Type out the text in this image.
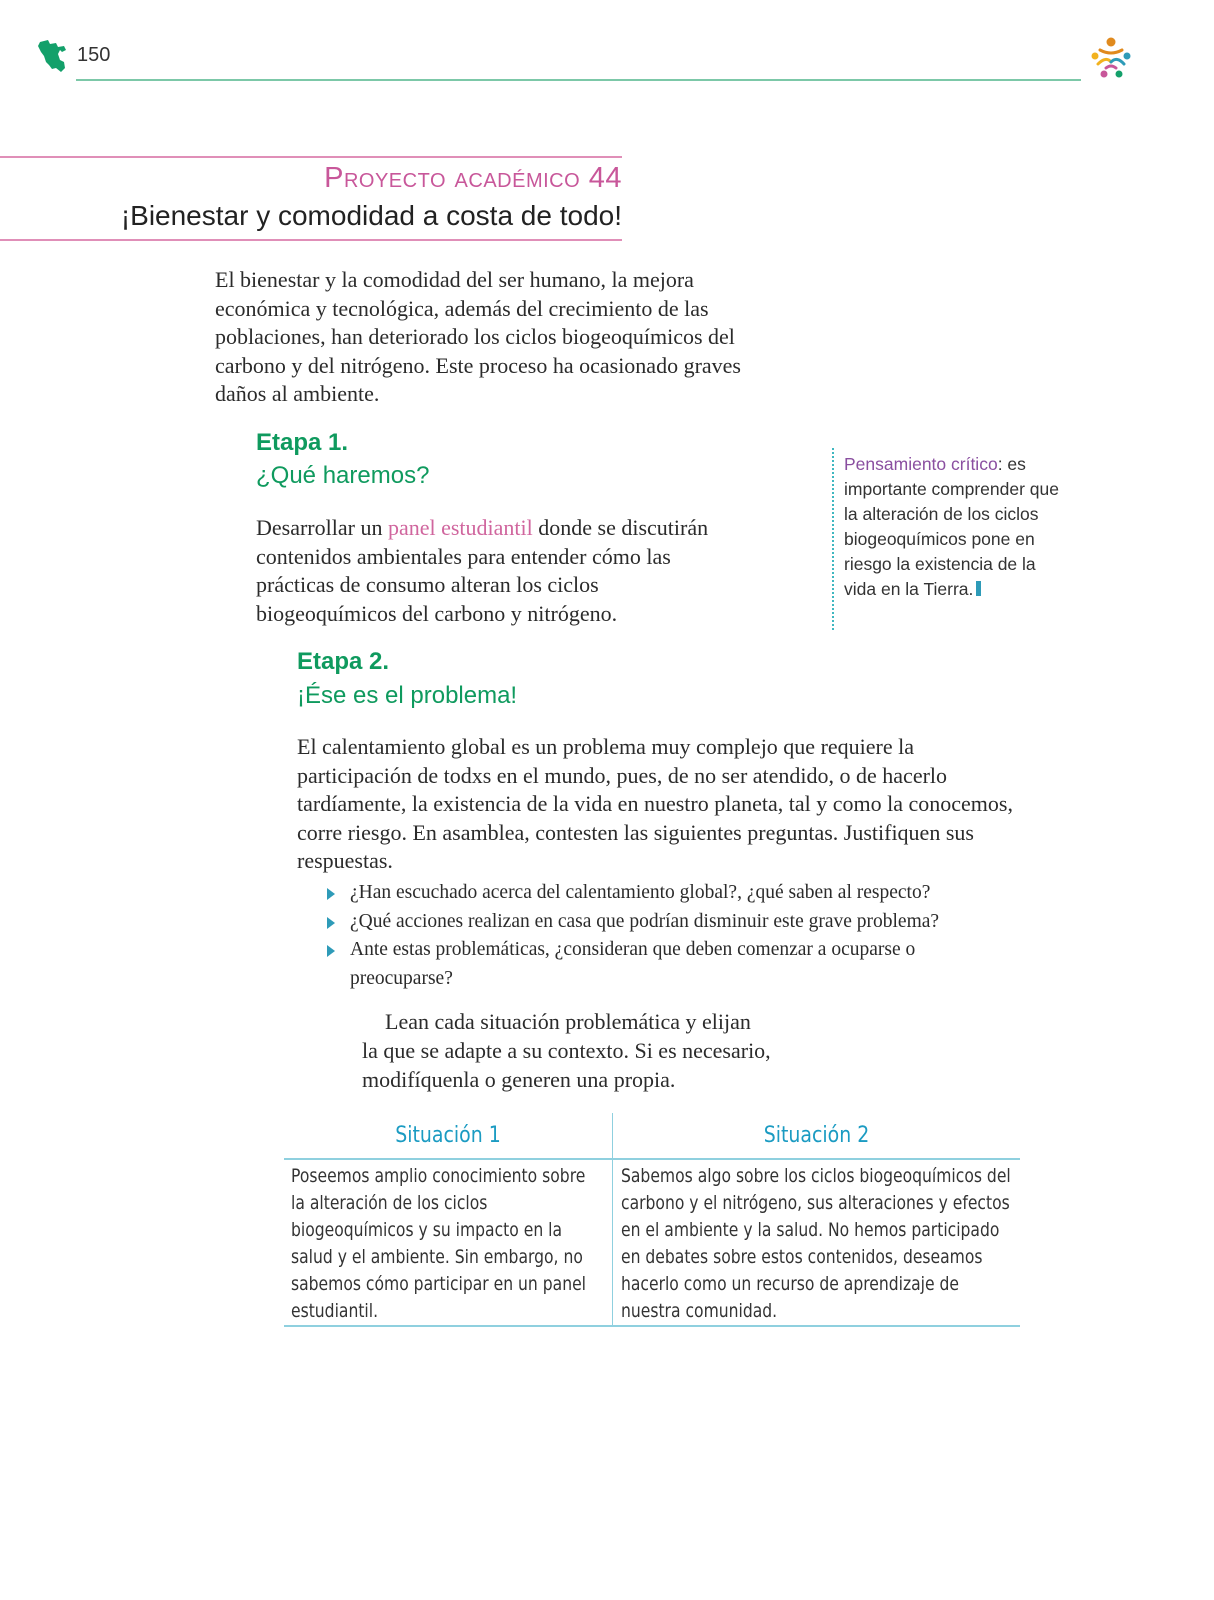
150
Proyecto académico 44
¡Bienestar y comodidad a costa de todo!
El bienestar y la comodidad del ser humano, la mejora económica y tecnológica, además del crecimiento de las poblaciones, han deteriorado los ciclos biogeoquímicos del carbono y del nitrógeno. Este proceso ha ocasionado graves daños al ambiente.
Etapa 1.
¿Qué haremos?
Desarrollar un panel estudiantil donde se discutirán contenidos ambientales para entender cómo las prácticas de consumo alteran los ciclos biogeoquímicos del carbono y nitrógeno.
Pensamiento crítico: es importante comprender que la alteración de los ciclos biogeoquímicos pone en riesgo la existencia de la vida en la Tierra.
Etapa 2.
¡Ése es el problema!
El calentamiento global es un problema muy complejo que requiere la participación de todxs en el mundo, pues, de no ser atendido, o de hacerlo tardíamente, la existencia de la vida en nuestro planeta, tal y como la conocemos, corre riesgo. En asamblea, contesten las siguientes preguntas. Justifiquen sus respuestas.
¿Han escuchado acerca del calentamiento global?, ¿qué saben al respecto?
¿Qué acciones realizan en casa que podrían disminuir este grave problema?
Ante estas problemáticas, ¿consideran que deben comenzar a ocuparse o preocuparse?
Lean cada situación problemática y elijan
la que se adapte a su contexto. Si es necesario, modifíquenla o generen una propia.
Situación 1	Situación 2
Poseemos amplio conocimiento sobre la alteración de los ciclos biogeoquímicos y su impacto en la salud y el ambiente. Sin embargo, no sabemos cómo participar en un panel estudiantil.
Sabemos algo sobre los ciclos biogeoquímicos del carbono y el nitrógeno, sus alteraciones y efectos en el ambiente y la salud. No hemos participado en debates sobre estos contenidos, deseamos hacerlo como un recurso de aprendizaje de nuestra comunidad.
